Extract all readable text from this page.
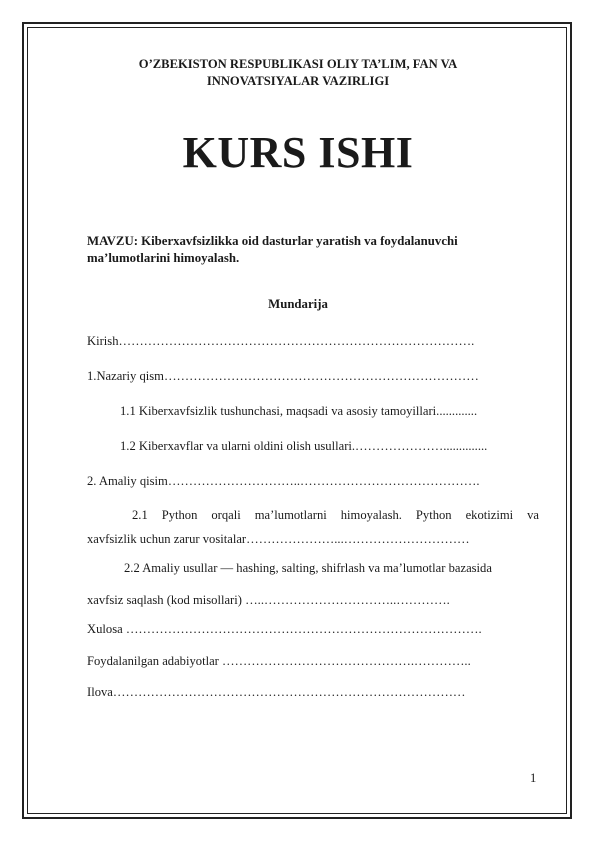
O’ZBEKISTON RESPUBLIKASI OLIY TA’LIM, FAN VA
INNOVATSIYALAR VAZIRLIGI
KURS ISHI
MAVZU: Kiberxavfsizlikka oid dasturlar yaratish va foydalanuvchi
ma’lumotlarini himoyalash.
Mundarija
Kirish………………………………………………………………………….
1.Nazariy qism…………………………………………………………………
1.1 Kiberxavfsizlik tushunchasi, maqsadi va asosiy tamoyillari.............
1.2 Kiberxavflar va ularni oldini olish usullari.…………………..............
2. Amaliy qisim…………………………..…………………………………….
2.1 Python orqali ma’lumotlarni himoyalash. Python ekotizimi va
xavfsizlik uchun zarur vositalar…………………...…………………………
2.2 Amaliy usullar — hashing, salting, shifrlash va ma’lumotlar bazasida
xavfsiz saqlash (kod misollari) …..…………………………..………….
Xulosa ………………………………………………………………………….
Foydalanilgan adabiyotlar ……………………………………….…………..
Ilova…………………………………………………………………………
1
